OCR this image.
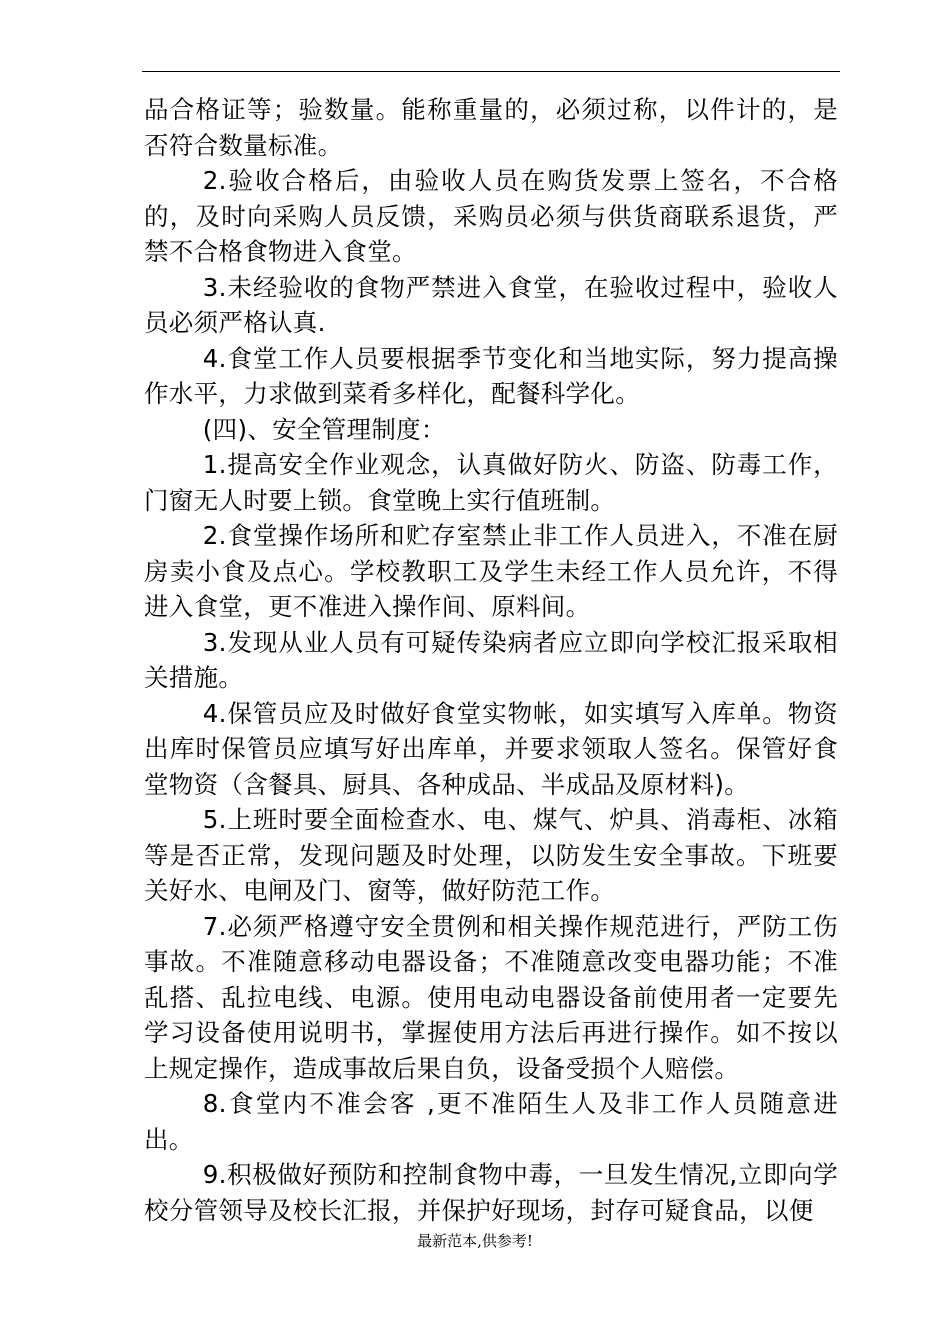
品合格证等；验数量。能称重量的，必须过称，以件计的，是否符合数量标准。

2.验收合格后，由验收人员在购货发票上签名，不合格的，及时向采购人员反馈，采购员必须与供货商联系退货，严禁不合格食物进入食堂。

3.未经验收的食物严禁进入食堂，在验收过程中，验收人员必须严格认真.

4.食堂工作人员要根据季节变化和当地实际，努力提高操作水平，力求做到菜肴多样化，配餐科学化。

(四)、安全管理制度：

1.提高安全作业观念，认真做好防火、防盗、防毒工作，门窗无人时要上锁。食堂晚上实行值班制。

2.食堂操作场所和贮存室禁止非工作人员进入，不准在厨房卖小食及点心。学校教职工及学生未经工作人员允许，不得进入食堂，更不准进入操作间、原料间。

3.发现从业人员有可疑传染病者应立即向学校汇报采取相关措施。

4.保管员应及时做好食堂实物帐，如实填写入库单。物资出库时保管员应填写好出库单，并要求领取人签名。保管好食堂物资（含餐具、厨具、各种成品、半成品及原材料)。

5.上班时要全面检查水、电、煤气、炉具、消毒柜、冰箱等是否正常，发现问题及时处理，以防发生安全事故。下班要关好水、电闸及门、窗等，做好防范工作。

7.必须严格遵守安全贯例和相关操作规范进行，严防工伤事故。不准随意移动电器设备；不准随意改变电器功能；不准乱搭、乱拉电线、电源。使用电动电器设备前使用者一定要先学习设备使用说明书，掌握使用方法后再进行操作。如不按以上规定操作，造成事故后果自负，设备受损个人赔偿。

8.食堂内不准会客 ,更不准陌生人及非工作人员随意进出。

9.积极做好预防和控制食物中毒，一旦发生情况,立即向学校分管领导及校长汇报，并保护好现场，封存可疑食品，以便

最新范本,供参考!
